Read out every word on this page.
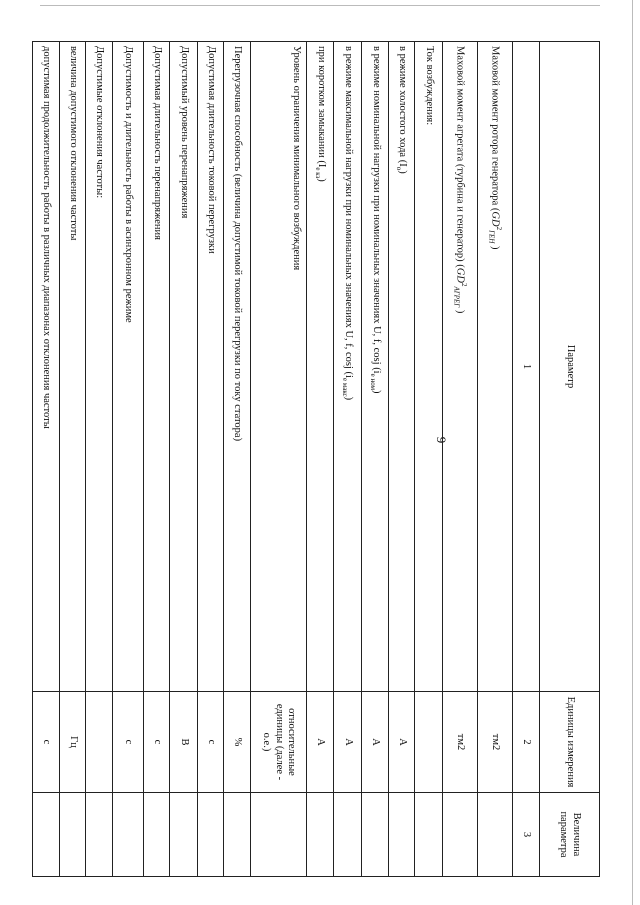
9
Параметр	Единицы измерения	Величина параметра
1	2	3
Маховой момент ротора генератора ($GD^2_{ГЕН}$ )	тм2	
Маховой момент агрегата (турбина и генератор) ($GD^2_{АГРЕГ}$ )	тм2	
Ток возбуждения:		
в режиме холостого хода $(I_о)$	А	
в режиме номинальной нагрузки при номинальных значениях U, f, cosj $(i_{е ном})$	А	
в режиме максимальной нагрузки при номинальных значениях U, f, cosj $(i_{е макс})$	А	
при коротком замыкании $(I_{е кз})$	А	
Уровень ограничения минимального возбуждения	относительные единицы (далее - о.е.)	
Перегрузочная способность (величина допустимой токовой перегрузки по току статора)	%	
Допустимая длительность токовой перегрузки	с	
Допустимый уровень перенапряжения	В	
Допустимая длительность перенапряжения	с	
Допустимость и длительность работы в асинхронном режиме	с	
Допустимые отклонения частоты:		
величина допустимого отклонения частоты	Гц	
допустимая продолжительность работы в различных диапазонах отклонения частоты	с	
